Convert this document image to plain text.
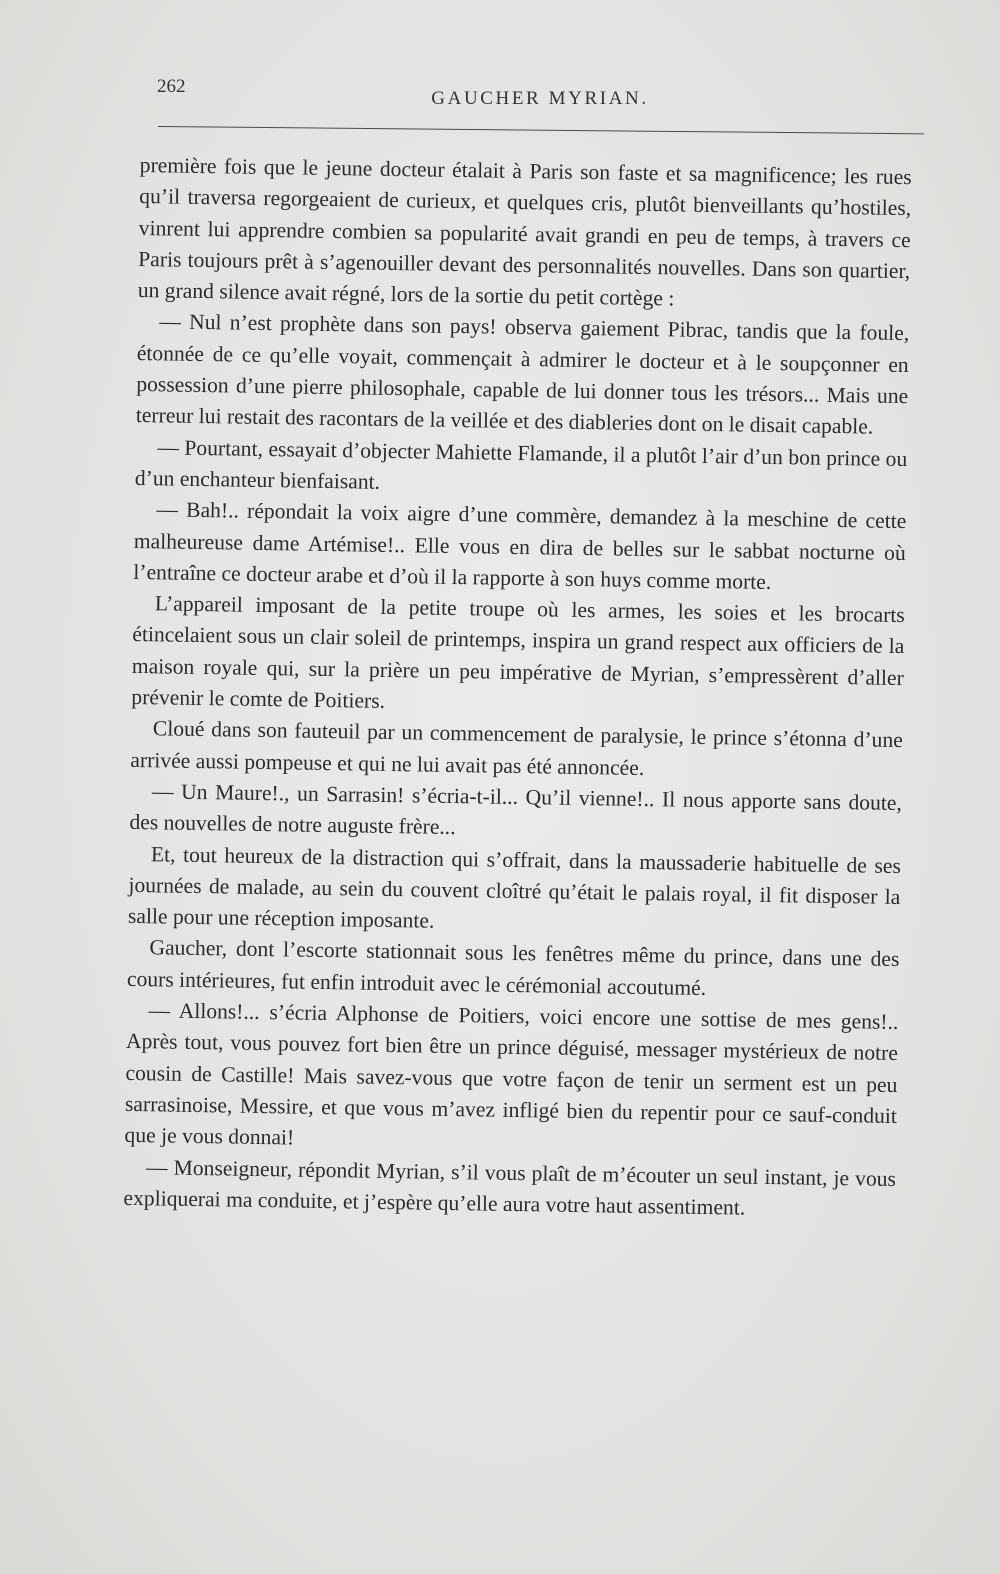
262

GAUCHER MYRIAN.

première fois que le jeune docteur étalait à Paris son faste et sa magnificence; les rues qu’il traversa regorgeaient de curieux, et quelques cris, plutôt bienveillants qu’hostiles, vinrent lui apprendre combien sa popularité avait grandi en peu de temps, à travers ce Paris toujours prêt à s’agenouiller devant des personnalités nouvelles. Dans son quartier, un grand silence avait régné, lors de la sortie du petit cortège :

— Nul n’est prophète dans son pays! observa gaiement Pibrac, tandis que la foule, étonnée de ce qu’elle voyait, commençait à admirer le docteur et à le soupçonner en possession d’une pierre philosophale, capable de lui donner tous les trésors... Mais une terreur lui restait des racontars de la veillée et des diableries dont on le disait capable.

— Pourtant, essayait d’objecter Mahiette Flamande, il a plutôt l’air d’un bon prince ou d’un enchanteur bienfaisant.

— Bah!.. répondait la voix aigre d’une commère, demandez à la meschine de cette malheureuse dame Artémise!.. Elle vous en dira de belles sur le sabbat nocturne où l’entraîne ce docteur arabe et d’où il la rapporte à son huys comme morte.

L’appareil imposant de la petite troupe où les armes, les soies et les brocarts étincelaient sous un clair soleil de printemps, inspira un grand respect aux officiers de la maison royale qui, sur la prière un peu impérative de Myrian, s’empressèrent d’aller prévenir le comte de Poitiers.

Cloué dans son fauteuil par un commencement de paralysie, le prince s’étonna d’une arrivée aussi pompeuse et qui ne lui avait pas été annoncée.

— Un Maure!., un Sarrasin! s’écria-t-il... Qu’il vienne!.. Il nous apporte sans doute, des nouvelles de notre auguste frère...

Et, tout heureux de la distraction qui s’offrait, dans la maussaderie habituelle de ses journées de malade, au sein du couvent cloîtré qu’était le palais royal, il fit disposer la salle pour une réception imposante.

Gaucher, dont l’escorte stationnait sous les fenêtres même du prince, dans une des cours intérieures, fut enfin introduit avec le cérémonial accoutumé.

— Allons!... s’écria Alphonse de Poitiers, voici encore une sottise de mes gens!.. Après tout, vous pouvez fort bien être un prince déguisé, messager mystérieux de notre cousin de Castille! Mais savez-vous que votre façon de tenir un serment est un peu sarrasinoise, Messire, et que vous m’avez infligé bien du repentir pour ce sauf-conduit que je vous donnai!

— Monseigneur, répondit Myrian, s’il vous plaît de m’écouter un seul instant, je vous expliquerai ma conduite, et j’espère qu’elle aura votre haut assentiment.
